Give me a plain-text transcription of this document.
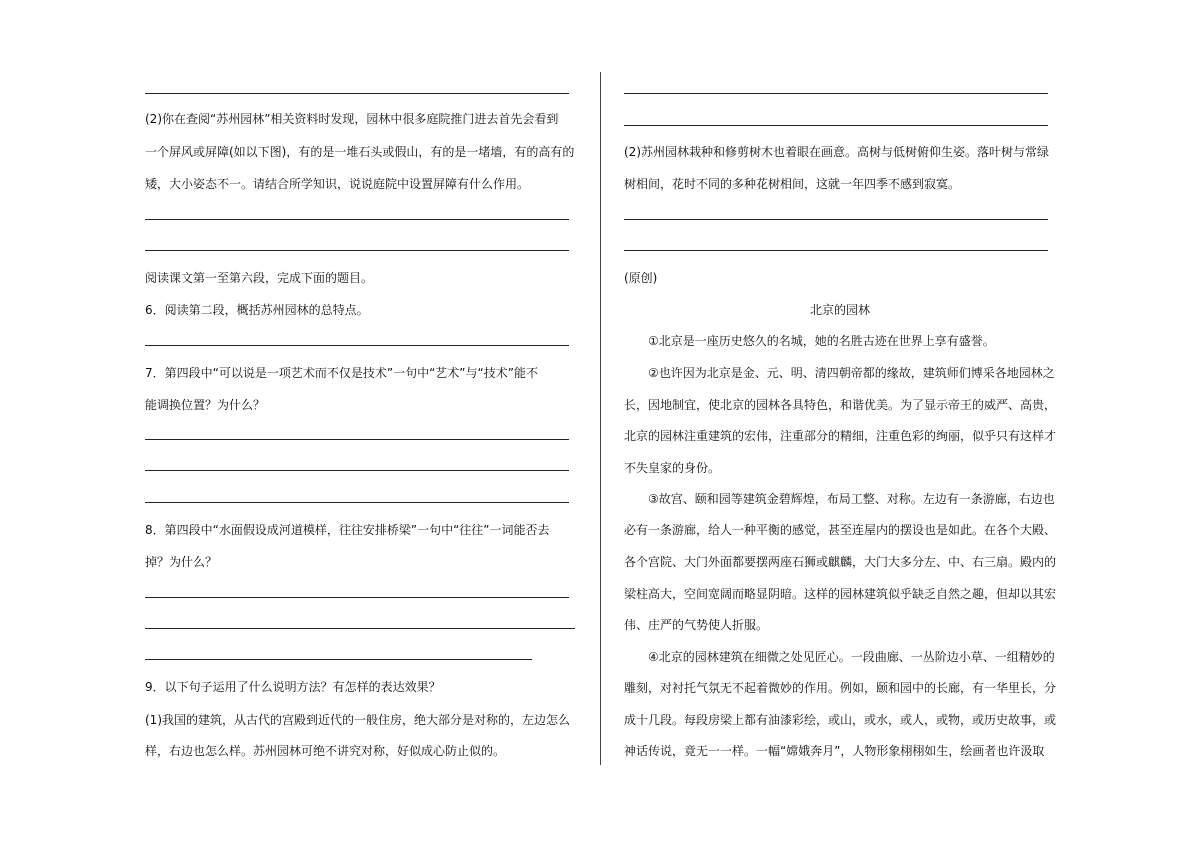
(2)你在查阅“苏州园林”相关资料时发现，园林中很多庭院推门进去首先会看到
一个屏风或屏障(如以下图)，有的是一堆石头或假山，有的是一堵墙，有的高有的
矮，大小姿态不一。请结合所学知识，说说庭院中设置屏障有什么作用。
阅读课文第一至第六段，完成下面的题目。
6．阅读第二段，概括苏州园林的总特点。
7．第四段中“可以说是一项艺术而不仅是技术”一句中“艺术”与“技术”能不
能调换位置？为什么？
8．第四段中“水面假设成河道模样，往往安排桥梁”一句中“往往”一词能否去
掉？为什么？
9．以下句子运用了什么说明方法？有怎样的表达效果？
(1)我国的建筑，从古代的宫殿到近代的一般住房，绝大部分是对称的，左边怎么
样，右边也怎么样。苏州园林可绝不讲究对称，好似成心防止似的。
(2)苏州园林栽种和修剪树木也着眼在画意。高树与低树俯仰生姿。落叶树与常绿
树相间，花时不同的多种花树相间，这就一年四季不感到寂寞。
(原创)
北京的园林
①北京是一座历史悠久的名城，她的名胜古迹在世界上享有盛誉。
②也许因为北京是金、元、明、清四朝帝都的缘故，建筑师们博采各地园林之
长，因地制宜，使北京的园林各具特色，和谐优美。为了显示帝王的威严、高贵，
北京的园林注重建筑的宏伟，注重部分的精细，注重色彩的绚丽，似乎只有这样才
不失皇家的身份。
③故宫、颐和园等建筑金碧辉煌，布局工整、对称。左边有一条游廊，右边也
必有一条游廊，给人一种平衡的感觉，甚至连屋内的摆设也是如此。在各个大殿、
各个宫院、大门外面都要摆两座石狮或麒麟，大门大多分左、中、右三扇。殿内的
梁柱高大，空间宽阔而略显阴暗。这样的园林建筑似乎缺乏自然之趣，但却以其宏
伟、庄严的气势使人折服。
④北京的园林建筑在细微之处见匠心。一段曲廊、一丛阶边小草、一组精妙的
雕刻，对衬托气氛无不起着微妙的作用。例如，颐和园中的长廊，有一华里长，分
成十几段。每段房梁上都有油漆彩绘，或山，或水，或人，或物，或历史故事，或
神话传说，竟无一一样。一幅“嫦娥奔月”，人物形象栩栩如生，绘画者也许汲取
